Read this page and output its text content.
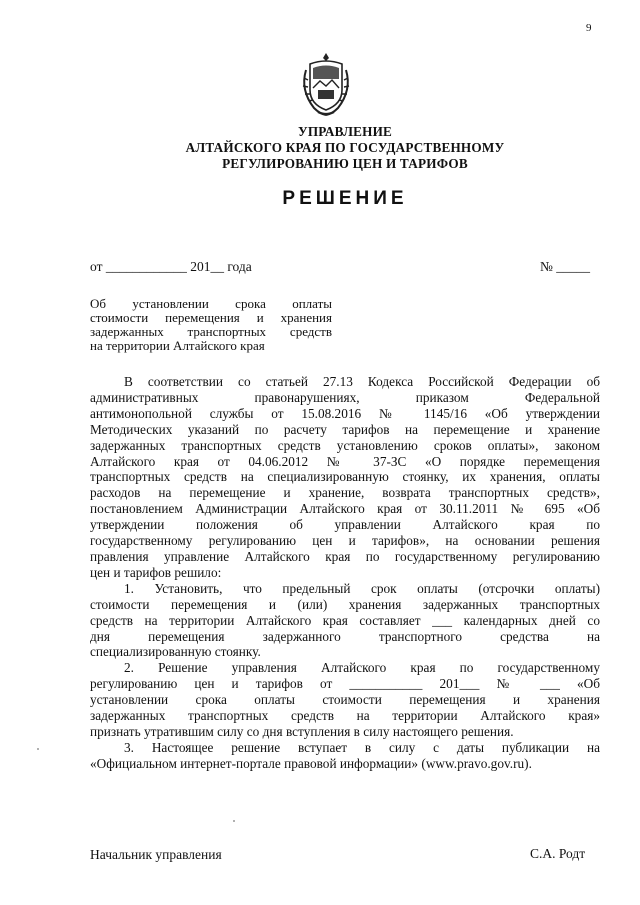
9
УПРАВЛЕНИЕ
АЛТАЙСКОГО КРАЯ ПО ГОСУДАРСТВЕННОМУ
РЕГУЛИРОВАНИЮ ЦЕН И ТАРИФОВ
РЕШЕНИЕ
от ____________ 201__ года	№ _____
Об установлении срока оплаты
стоимости перемещения и хранения
задержанных транспортных средств
на территории Алтайского края
В соответствии со статьей 27.13 Кодекса Российской Федерации об
административных правонарушениях, приказом Федеральной
антимонопольной службы от 15.08.2016 № 1145/16 «Об утверждении
Методических указаний по расчету тарифов на перемещение и хранение
задержанных транспортных средств установлению сроков оплаты», законом
Алтайского края от 04.06.2012 № 37-ЗС «О порядке перемещения
транспортных средств на специализированную стоянку, их хранения, оплаты
расходов на перемещение и хранение, возврата транспортных средств»,
постановлением Администрации Алтайского края от 30.11.2011 № 695 «Об
утверждении положения об управлении Алтайского края по
государственному регулированию цен и тарифов», на основании решения
правления управление Алтайского края по государственному регулированию
цен и тарифов решило:
1. Установить, что предельный срок оплаты (отсрочки оплаты)
стоимости перемещения и (или) хранения задержанных транспортных
средств на территории Алтайского края составляет ___ календарных дней со
дня перемещения задержанного транспортного средства на
специализированную стоянку.
2. Решение управления Алтайского края по государственному
регулированию цен и тарифов от ___________ 201___ № ___ «Об
установлении срока оплаты стоимости перемещения и хранения
задержанных транспортных средств на территории Алтайского края»
признать утратившим силу со дня вступления в силу настоящего решения.
3. Настоящее решение вступает в силу с даты публикации на
«Официальном интернет-портале правовой информации» (www.pravo.gov.ru).
Начальник управления	С.А. Родт
